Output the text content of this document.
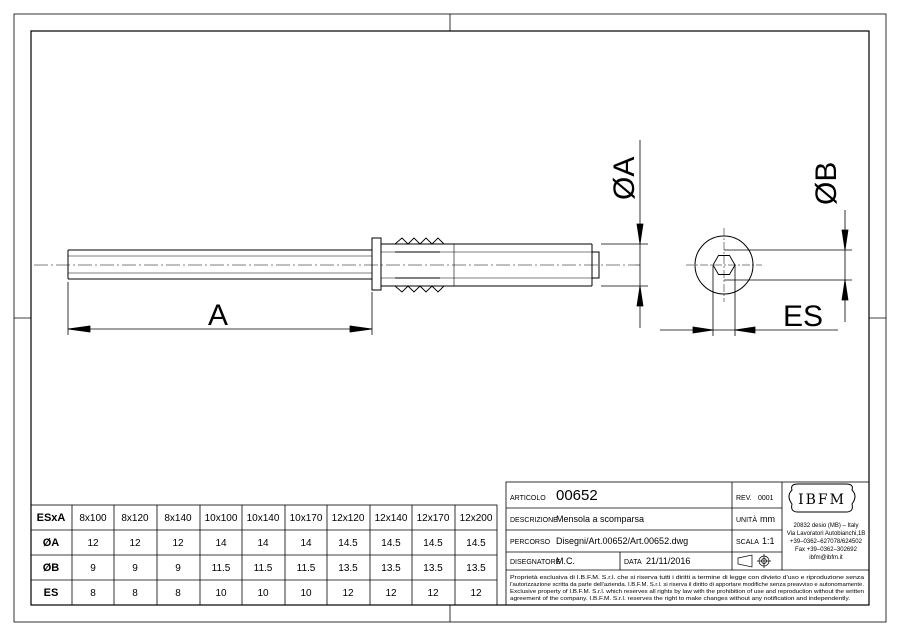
A
ØA	ØB
ES
ESxA 8x100 8x120 8x140 10x100 10x140 10x170 12x120 12x140 12x170 12x200
ØA	12	12	12	14	14	14	14.5 14.5 14.5 14.5
ØB	9	9	9	11.5 11.5 11.5 13.5 13.5 13.5 13.5
ES	8	8	8	10	10	10	12	12	12	12
ARTICOLO 00652	REV. 0001
DESCRIZIONE
Mensola a scomparsa	UNITÀ mm
PERCORSO Disegni/Art.00652/Art.00652.dwg	SCALA 1:1
DISEGNATORE
M.C.	DATA 21/11/2016
IBFM
20832 desio (MB) – Italy
Via Lavoratori Autobianchi,1B
+39–0362–627078/624502
Fax +39–0362–302692
ibfm@ibfm.it
Proprietà esclusiva di I.B.F.M. S.r.l. che si riserva tutti i diritti a termine di legge con divieto d'uso e riproduzione senza
l'autorizzazione scritta da parte dell'azienda. I.B.F.M. S.r.l. si riserva il diritto di apportare modifiche senza preavviso e autonomamente.
Exclusive property of I.B.F.M. S.r.l. which reserves all rights by law with the prohibition of use and reproduction without the written
agreement of the company. I.B.F.M. S.r.l. reserves the right to make changes without any notification and independently.
